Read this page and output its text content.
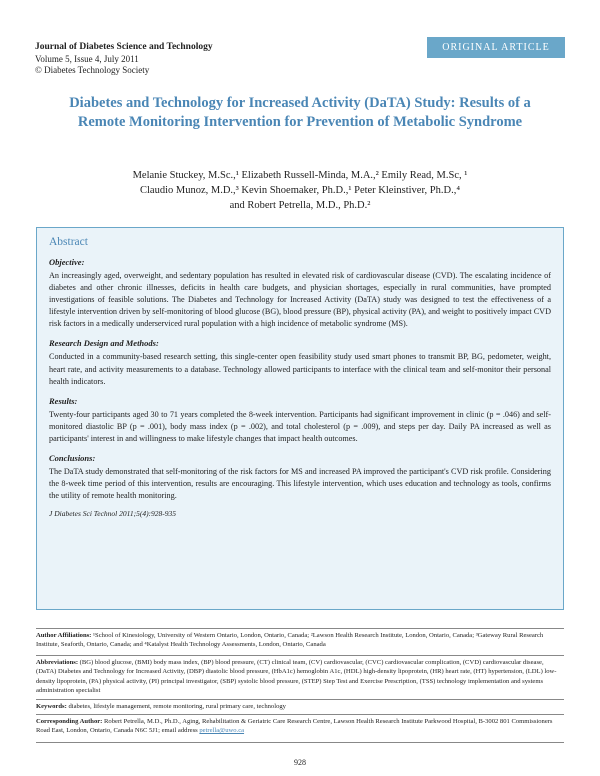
Journal of Diabetes Science and Technology
Volume 5, Issue 4, July 2011
© Diabetes Technology Society
ORIGINAL ARTICLE
Diabetes and Technology for Increased Activity (DaTA) Study: Results of a Remote Monitoring Intervention for Prevention of Metabolic Syndrome
Melanie Stuckey, M.Sc.,¹ Elizabeth Russell-Minda, M.A.,² Emily Read, M.Sc, ¹
Claudio Munoz, M.D.,³ Kevin Shoemaker, Ph.D.,¹ Peter Kleinstiver, Ph.D.,⁴
and Robert Petrella, M.D., Ph.D.²
Abstract
Objective:
An increasingly aged, overweight, and sedentary population has resulted in elevated risk of cardiovascular disease (CVD). The escalating incidence of diabetes and other chronic illnesses, deficits in health care budgets, and physician shortages, especially in rural communities, have prompted investigations of feasible solutions. The Diabetes and Technology for Increased Activity (DaTA) study was designed to test the effectiveness of a lifestyle intervention driven by self-monitoring of blood glucose (BG), blood pressure (BP), physical activity (PA), and weight to positively impact CVD risk factors in a medically underserviced rural population with a high incidence of metabolic syndrome (MS).
Research Design and Methods:
Conducted in a community-based research setting, this single-center open feasibility study used smart phones to transmit BP, BG, pedometer, weight, heart rate, and activity measurements to a database. Technology allowed participants to interface with the clinical team and self-monitor their personal health indicators.
Results:
Twenty-four participants aged 30 to 71 years completed the 8-week intervention. Participants had significant improvement in clinic (p = .046) and self-monitored diastolic BP (p = .001), body mass index (p = .002), and total cholesterol (p = .009), and steps per day. Daily PA increased as well as participants' interest in and willingness to make lifestyle changes that impact health outcomes.
Conclusions:
The DaTA study demonstrated that self-monitoring of the risk factors for MS and increased PA improved the participant's CVD risk profile. Considering the 8-week time period of this intervention, results are encouraging. This lifestyle intervention, which uses education and technology as tools, confirms the utility of remote health monitoring.
J Diabetes Sci Technol 2011;5(4):928-935
Author Affiliations: ¹School of Kinesiology, University of Western Ontario, London, Ontario, Canada; ²Lawson Health Research Institute, London, Ontario, Canada; ³Gateway Rural Research Institute, Seaforth, Ontario, Canada; and ⁴Katalyst Health Technology Assessments, London, Ontario, Canada
Abbreviations: (BG) blood glucose, (BMI) body mass index, (BP) blood pressure, (CT) clinical team, (CV) cardiovascular, (CVC) cardiovascular complication, (CVD) cardiovascular disease, (DaTA) Diabetes and Technology for Increased Activity, (DBP) diastolic blood pressure, (HbA1c) hemoglobin A1c, (HDL) high-density lipoprotein, (HR) heart rate, (HT) hypertension, (LDL) low-density lipoprotein, (PA) physical activity, (PI) principal investigator, (SBP) systolic blood pressure, (STEP) Step Test and Exercise Prescription, (TSS) technology implementation and systems administration specialist
Keywords: diabetes, lifestyle management, remote monitoring, rural primary care, technology
Corresponding Author: Robert Petrella, M.D., Ph.D., Aging, Rehabilitation & Geriatric Care Research Centre, Lawson Health Research Institute Parkwood Hospital, B-3002 801 Commissioners Road East, London, Ontario, Canada N6C 5J1; email address petrella@uwo.ca
928
